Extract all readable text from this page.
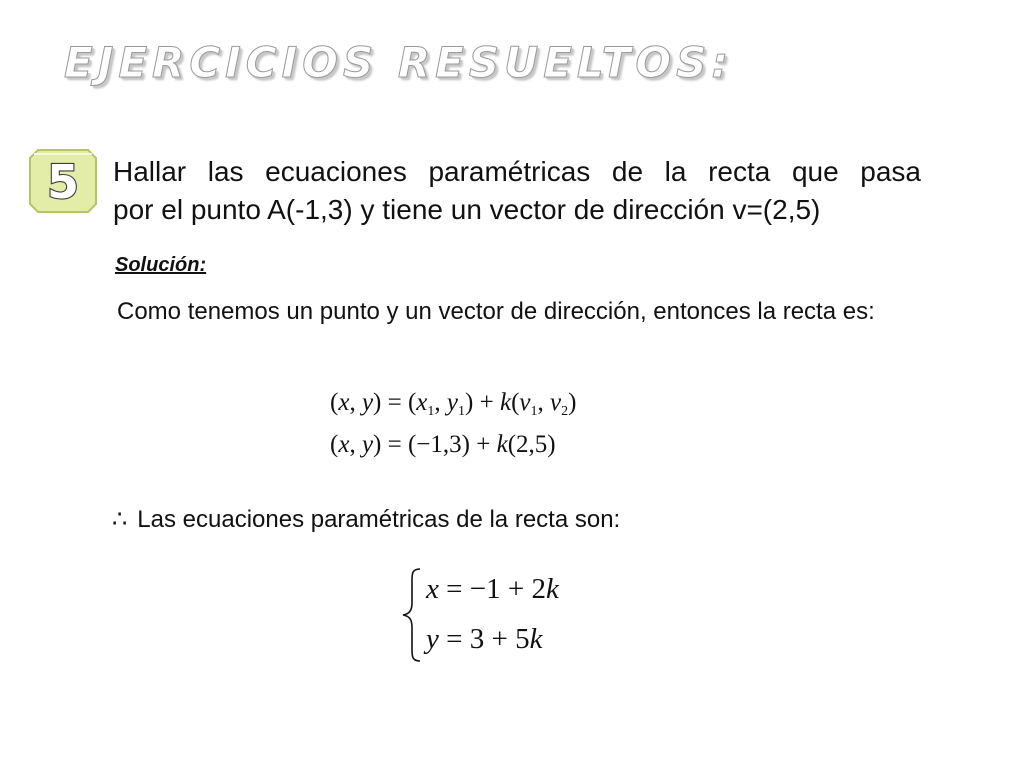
EJERCICIOS RESUELTOS:
5 Hallar las ecuaciones paramétricas de la recta que pasa
por el punto A(-1,3) y tiene un vector de dirección v=(2,5)
Solución:
Como tenemos un punto y un vector de dirección, entonces la recta es:
(x, $y) = (x_1$, $y_1) + k(v_1$, $v_2$)
(x, y) = (−1,3) + k(2,5)
∴ Las ecuaciones paramétricas de la recta son:
x = −1 + 2k
y = 3 + 5k
